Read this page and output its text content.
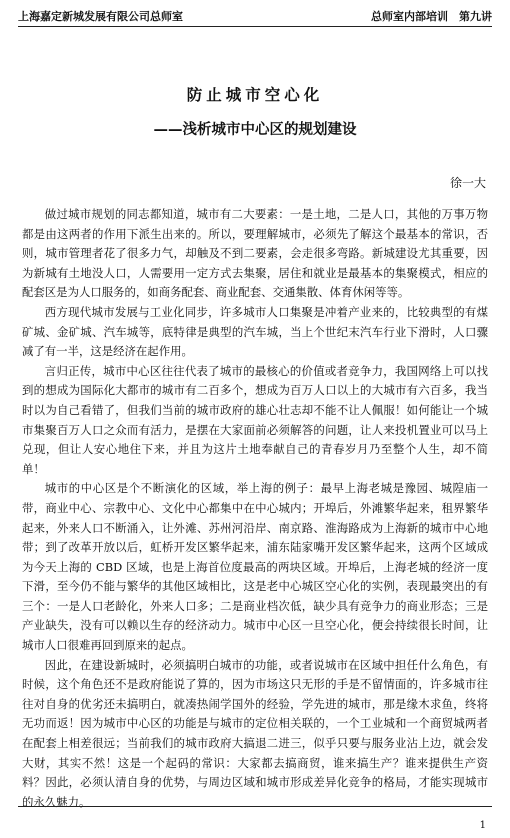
上海嘉定新城发展有限公司总师室	总师室内部培训　第九讲
防止城市空心化
——浅析城市中心区的规划建设
徐一大

做过城市规划的同志都知道，城市有二大要素：一是土地，二是人口，其他的万事万物都是由这两者的作用下派生出来的。所以，要理解城市，必须先了解这个最基本的常识，否则，城市管理者花了很多力气，却触及不到二要素，会走很多弯路。新城建设尤其重要，因为新城有土地没人口，人需要用一定方式去集聚，居住和就业是最基本的集聚模式，相应的配套区是为人口服务的，如商务配套、商业配套、交通集散、体育休闲等等。

西方现代城市发展与工业化同步，许多城市人口集聚是冲着产业来的，比较典型的有煤矿城、金矿城、汽车城等，底特律是典型的汽车城，当上个世纪末汽车行业下滑时，人口骤减了有一半，这是经济在起作用。

言归正传，城市中心区往往代表了城市的最核心的价值或者竞争力，我国网络上可以找到的想成为国际化大都市的城市有二百多个，想成为百万人口以上的大城市有六百多，我当时以为自己看错了，但我们当前的城市政府的雄心壮志却不能不让人佩服！如何能让一个城市集聚百万人口之众而有活力，是摆在大家面前必须解答的问题，让人来投机置业可以马上兑现，但让人安心地住下来，并且为这片土地奉献自己的青春岁月乃至整个人生，却不简单！

城市的中心区是个不断演化的区域，举上海的例子：最早上海老城是豫园、城隍庙一带，商业中心、宗教中心、文化中心都集中在中心城内；开埠后，外滩繁华起来，租界繁华起来，外来人口不断涌入，让外滩、苏州河沿岸、南京路、淮海路成为上海新的城市中心地带；到了改革开放以后，虹桥开发区繁华起来，浦东陆家嘴开发区繁华起来，这两个区域成为今天上海的 CBD 区域，也是上海首位度最高的两块区域。开埠后，上海老城的经济一度下滑，至今仍不能与繁华的其他区域相比，这是老中心城区空心化的实例，表现最突出的有三个：一是人口老龄化，外来人口多；二是商业档次低，缺少具有竞争力的商业形态；三是产业缺失，没有可以赖以生存的经济动力。城市中心区一旦空心化，便会持续很长时间，让城市人口很难再回到原来的起点。

因此，在建设新城时，必须搞明白城市的功能，或者说城市在区域中担任什么角色，有时候，这个角色还不是政府能说了算的，因为市场这只无形的手是不留情面的，许多城市往往对自身的优劣还未搞明白，就凑热闹学国外的经验，学先进的城市，那是缘木求鱼，终将无功而返！因为城市中心区的功能是与城市的定位相关联的，一个工业城和一个商贸城两者在配套上相差很远；当前我们的城市政府大搞退二进三，似乎只要与服务业沾上边，就会发大财，其实不然！这是一个起码的常识：大家都去搞商贸，谁来搞生产？谁来提供生产资料？因此，必须认清自身的优势，与周边区域和城市形成差异化竞争的格局，才能实现城市的永久魅力。

1
